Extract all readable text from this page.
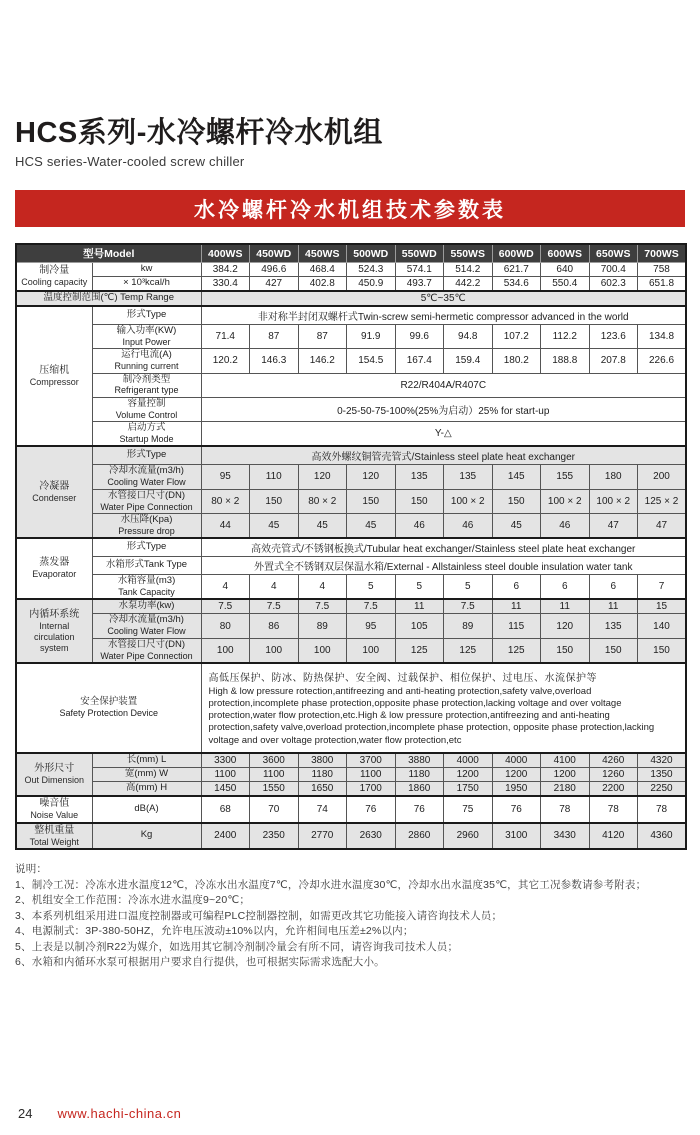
HCS系列-水冷螺杆冷水机组
HCS series-Water-cooled screw chiller
水冷螺杆冷水机组技术参数表
型号Model		400WS	450WD	450WS	500WD	550WD	550WS	600WD	600WS	650WS	700WS

制冷量
Cooling capacity	kw	384.2	496.6	468.4	524.3	574.1	514.2	621.7	640	700.4	758

	× 10³kcal/h	330.4	427	402.8	450.9	493.7	442.2	534.6	550.4	602.3	651.8

温度控制范围(℃) Temp Range		5℃~35℃									

压缩机
Compressor	形式Type	非对称半封闭双螺杆式Twin-screw semi-hermetic compressor advanced in the world									

	输入功率(KW)
Input Power	71.4	87	87	91.9	99.6	94.8	107.2	112.2	123.6	134.8

	运行电流(A)
Running current	120.2	146.3	146.2	154.5	167.4	159.4	180.2	188.8	207.8	226.6

	制冷剂类型
Refrigerant type	R22/R404A/R407C									

	容量控制
Volume Control	0-25-50-75-100%(25%为启动）25% for start-up									

	启动方式
Startup Mode	Y-△									

冷凝器
Condenser	形式Type	高效外螺纹铜管壳管式/Stainless steel plate heat exchanger									

	冷却水流量(m3/h)
Cooling Water Flow	95	110	120	120	135	135	145	155	180	200

	水管接口尺寸(DN)
Water Pipe Connection	80 × 2	150	80 × 2	150	150	100 × 2	150	100 × 2	100 × 2	125 × 2

	水压降(Kpa)
Pressure drop	44	45	45	45	46	46	45	46	47	47

蒸发器
Evaporator	形式Type	高效壳管式/不锈钢板换式/Tubular heat exchanger/Stainless steel plate heat exchanger									

	水箱形式Tank Type	外置式全不锈钢双层保温水箱/External - Allstainless steel double insulation water tank									

	水箱容量(m3)
Tank Capacity	4	4	4	5	5	5	6	6	6	7

内循环系统
Internal circulation system	水泵功率(kw)	7.5	7.5	7.5	7.5	11	7.5	11	11	11	15

	冷却水流量(m3/h)
Cooling Water Flow	80	86	89	95	105	89	115	120	135	140

	水管接口尺寸(DN)
Water Pipe Connection	100	100	100	100	125	125	125	150	150	150

安全保护装置
Safety Protection Device

高低压保护、防冰、防热保护、安全阀、过载保护、相位保护、过电压、水流保护等
High & low pressure rotection,antifreezing and anti-heating protection,safety valve,overload protection,incomplete phase protection,opposite phase protection,lacking voltage and over voltage protection,water flow protection,etc.High & low pressure protection,antifreezing and anti-heating protection,safety valve,overload protection,incomplete phase protection, opposite phase protection,lacking voltage and over voltage protection,water flow protection,etc

外形尺寸
Out Dimension	长(mm) L	3300	3600	3800	3700	3880	4000	4000	4100	4260	4320

	宽(mm) W	1100	1100	1180	1100	1180	1200	1200	1200	1260	1350

	高(mm) H	1450	1550	1650	1700	1860	1750	1950	2180	2200	2250

噪音值
Noise Value	dB(A)	68	70	74	76	76	75	76	78	78	78

整机重量
Total Weight	Kg	2400	2350	2770	2630	2860	2960	3100	3430	4120	4360
说明：
1、制冷工况：冷冻水进水温度12℃，冷冻水出水温度7℃，冷却水进水温度30℃，冷却水出水温度35℃，其它工况参数请参考附表；
2、机组安全工作范围：冷冻水进水温度9~20℃；
3、本系列机组采用进口温度控制器或可编程PLC控制器控制，如需更改其它功能接入请咨询技术人员；
4、电源制式：3P-380-50HZ，允许电压波动±10%以内，允许相间电压差±2%以内；
5、上表是以制冷剂R22为媒介，如选用其它制冷剂制冷量会有所不同，请咨询我司技术人员；
6、水箱和内循环水泵可根据用户要求自行提供，也可根据实际需求选配大小。
24 www.hachi-china.cn
